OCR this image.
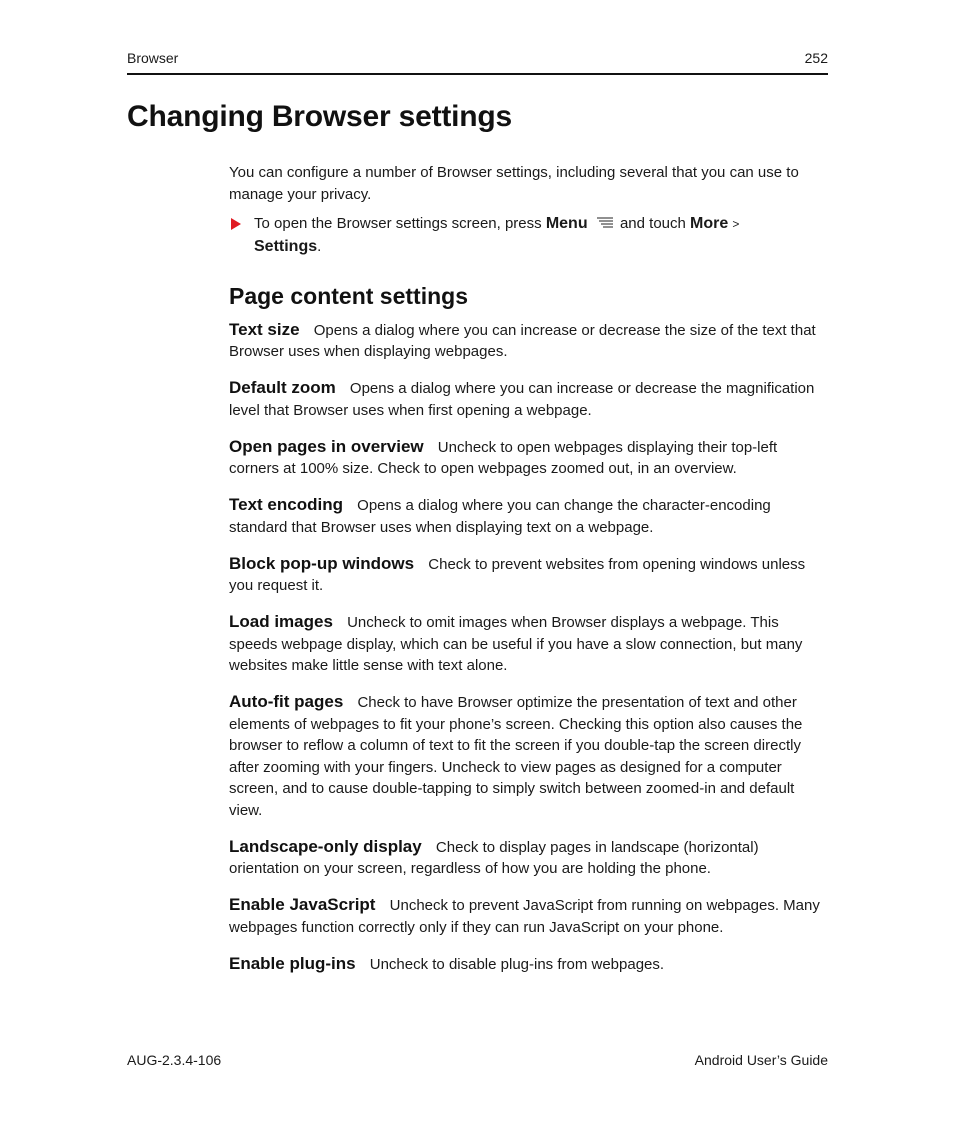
Browser	252
Changing Browser settings

You can configure a number of Browser settings, including several that you can use to manage your privacy.

To open the Browser settings screen, press Menu and touch More >
Settings.

Page content settings

Text size Opens a dialog where you can increase or decrease the size of the text that Browser uses when displaying webpages.

Default zoom Opens a dialog where you can increase or decrease the magnification level that Browser uses when first opening a webpage.

Open pages in overview Uncheck to open webpages displaying their top-left corners at 100% size. Check to open webpages zoomed out, in an overview.

Text encoding Opens a dialog where you can change the character-encoding standard that Browser uses when displaying text on a webpage.

Block pop-up windows Check to prevent websites from opening windows unless you request it.

Load images Uncheck to omit images when Browser displays a webpage. This speeds webpage display, which can be useful if you have a slow connection, but many websites make little sense with text alone.

Auto-fit pages Check to have Browser optimize the presentation of text and other elements of webpages to fit your phone’s screen. Checking this option also causes the browser to reflow a column of text to fit the screen if you double-tap the screen directly after zooming with your fingers. Uncheck to view pages as designed for a computer screen, and to cause double-tapping to simply switch between zoomed-in and default view.

Landscape-only display Check to display pages in landscape (horizontal) orientation on your screen, regardless of how you are holding the phone.

Enable JavaScript Uncheck to prevent JavaScript from running on webpages. Many webpages function correctly only if they can run JavaScript on your phone.

Enable plug-ins Uncheck to disable plug-ins from webpages.

AUG-2.3.4-106	Android User’s Guide
